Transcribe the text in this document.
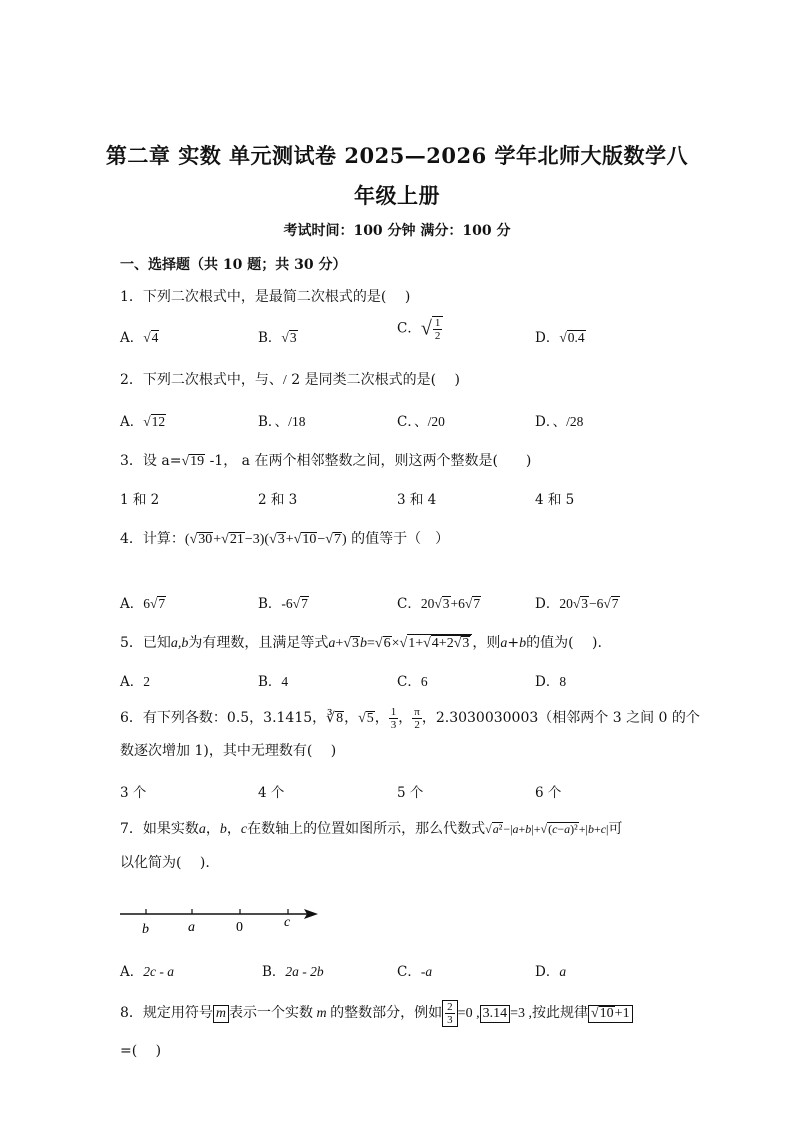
第二章 实数 单元测试卷 2025—2026 学年北师大版数学八
年级上册
考试时间：100 分钟 满分：100 分
一、选择题（共 10 题；共 30 分）
1．下列二次根式中，是最简二次根式的是(　 )
A．√4	B．√3
C．√ $\frac{1}{2}$	D．√0.4
2．下列二次根式中，与、/ 2 是同类二次根式的是(　 )
A．√12	B．、/18	C．、/20	D．、/28
3．设 a=√19 -1， a 在两个相邻整数之间，则这两个整数是(　　)
1 和 2	2 和 3	3 和 4	4 和 5
4．计算：(√30+√21−3)(√3+√10−√7) 的值等于（　）
A．6√7	B．-6√7	C．20√3+6√7	D．20√3−6√7
5．已知a,b为有理数，且满足等式a+√3b=√6×√1+√4+2√3 ，则a+b的值为(　 ).
A．2	B．4	C．6	D．8
6．有下列各数：0.5，3.1415，∛8，√5， $\frac{1}{3}$ ， $\frac{\pi}{2}$ ，2.3030030003（相邻两个 3 之间 0 的个
数逐次增加 1)，其中无理数有(　 )
3 个	4 个	5 个	6 个
7．如果实数a，b，c在数轴上的位置如图所示，那么代数式√a²−|a+b|+√(c−a)²+|b+c|可
以化简为(　 ).
b	a	0	c
A．2c - a	B．2a - 2b	C．-a	D．a
8．规定用符号 m 表示一个实数 m 的整数部分，例如 $\frac{2}{3} =0$ , 3.14 =3 ,按此规律 √10+1
=(　 )
